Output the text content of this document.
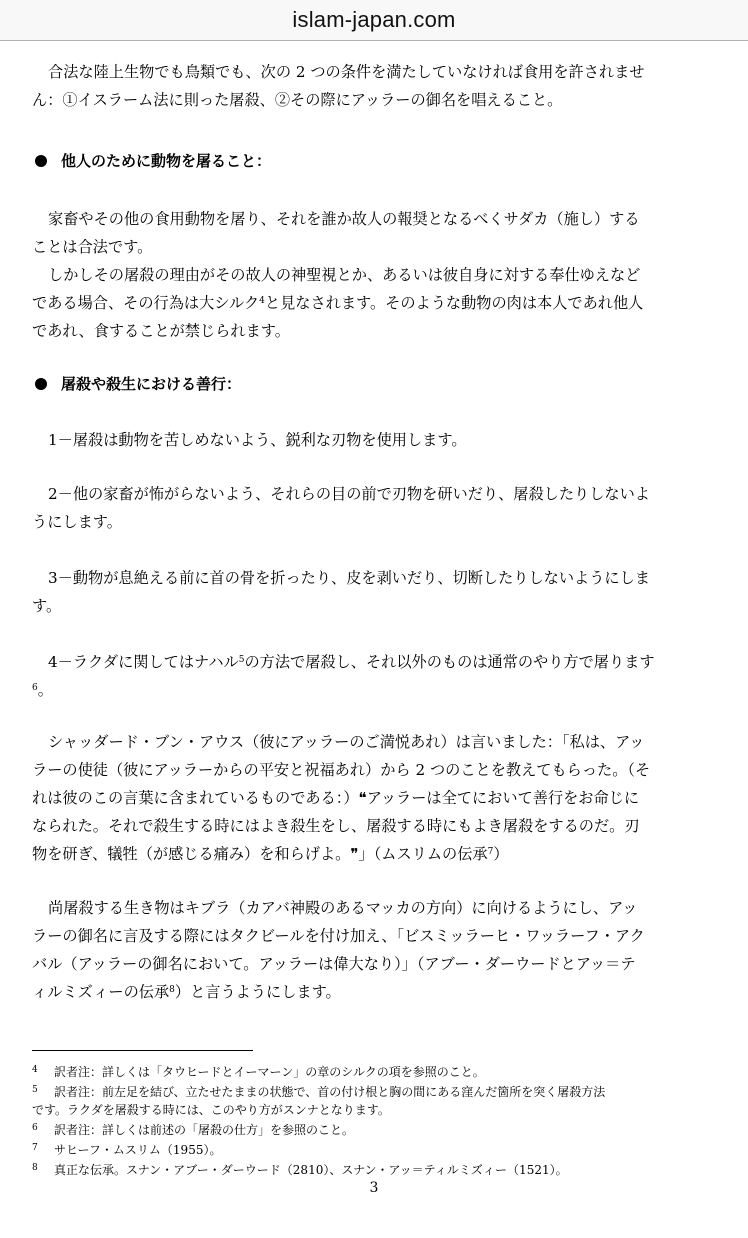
islam-japan.com

合法な陸上生物でも鳥類でも、次の 2 つの条件を満たしていなければ食用を許されませ

ん：①イスラーム法に則った屠殺、②その際にアッラーの御名を唱えること。

他人のために動物を屠ること：

家畜やその他の食用動物を屠り、それを誰か故人の報奨となるべくサダカ（施し）する

ことは合法です。

しかしその屠殺の理由がその故人の神聖視とか、あるいは彼自身に対する奉仕ゆえなど

である場合、その行為は大シルク$^4$と見なされます。そのような動物の肉は本人であれ他人

であれ、食することが禁じられます。

屠殺や殺生における善行：

1－屠殺は動物を苦しめないよう、鋭利な刃物を使用します。

2－他の家畜が怖がらないよう、それらの目の前で刃物を研いだり、屠殺したりしないよ

うにします。

3－動物が息絶える前に首の骨を折ったり、皮を剥いだり、切断したりしないようにしま

す。

4－ラクダに関してはナハル$^5$の方法で屠殺し、それ以外のものは通常のやり方で屠ります

$^6$。

シャッダード・ブン・アウス（彼にアッラーのご満悦あれ）は言いました：「私は、アッ

ラーの使徒（彼にアッラーからの平安と祝福あれ）から 2 つのことを教えてもらった。（そ

れは彼のこの言葉に含まれているものである：）❝アッラーは全てにおいて善行をお命じに

なられた。それで殺生する時にはよき殺生をし、屠殺する時にもよき屠殺をするのだ。刃

物を研ぎ、犠牲（が感じる痛み）を和らげよ。❞」（ムスリムの伝承$^7$）

尚屠殺する生き物はキブラ（カアバ神殿のあるマッカの方向）に向けるようにし、アッ

ラーの御名に言及する際にはタクビールを付け加え、「ビスミッラーヒ・ワッラーフ・アク

バル（アッラーの御名において。アッラーは偉大なり）」（アブー・ダーウードとアッ＝テ

ィルミズィーの伝承$^8$）と言うようにします。

4 訳者注：詳しくは「タウヒードとイーマーン」の章のシルクの項を参照のこと。

5 訳者注：前左足を結び、立たせたままの状態で、首の付け根と胸の間にある窪んだ箇所を突く屠殺方法

です。ラクダを屠殺する時には、このやり方がスンナとなります。

6 訳者注：詳しくは前述の「屠殺の仕方」を参照のこと。

7 サヒーフ・ムスリム（1955）。

8 真正な伝承。スナン・アブー・ダーウード（2810）、スナン・アッ＝ティルミズィー（1521）。

3
